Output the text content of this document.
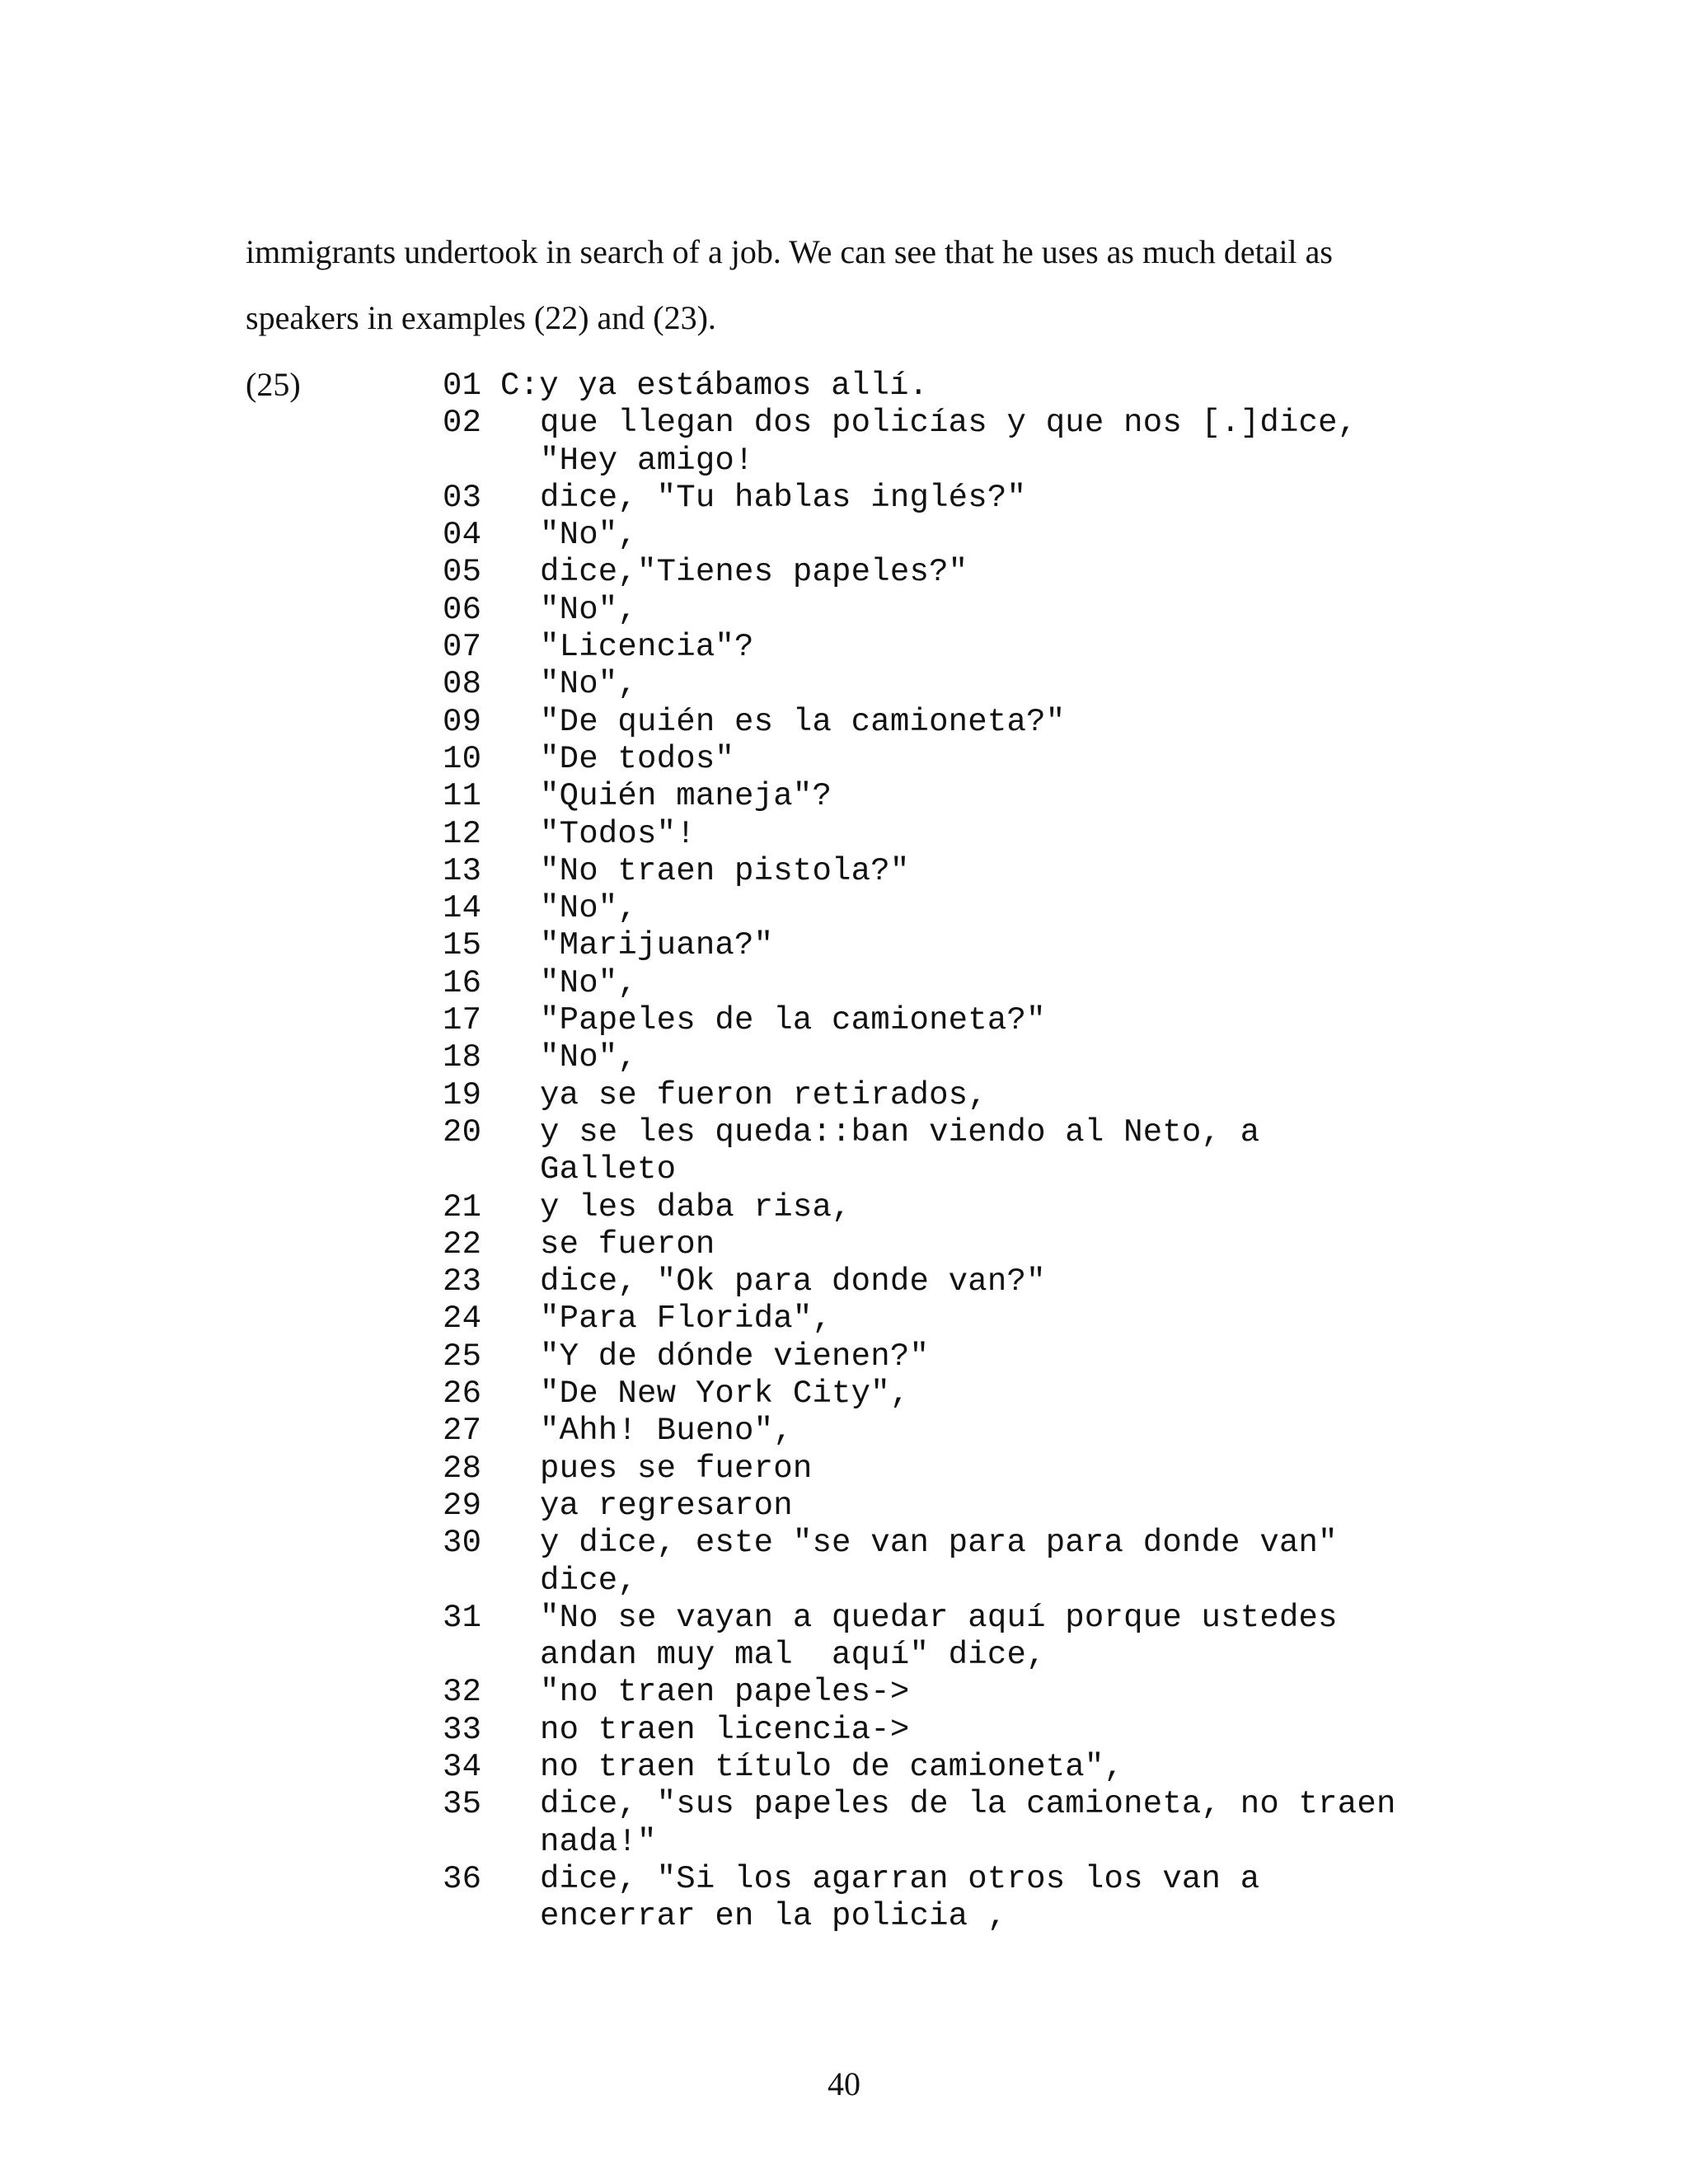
immigrants undertook in search of a job. We can see that he uses as much detail as

speakers in examples (22) and (23).

(25)	01 C:y ya estábamos allí.
02	que llegan dos policías y que nos [.]dice,
"Hey amigo!
03	dice, "Tu hablas inglés?"
04	"No",
05	dice,"Tienes papeles?"
06	"No",
07	"Licencia"?
08	"No",
09	"De quién es la camioneta?"
10	"De todos"
11	"Quién maneja"?
12	"Todos"!
13	"No traen pistola?"
14	"No",
15	"Marijuana?"
16	"No",
17	"Papeles de la camioneta?"
18	"No",
19	ya se fueron retirados,
20	y se les queda::ban viendo al Neto, a
Galleto
21	y les daba risa,
22	se fueron
23	dice, "Ok para donde van?"
24	"Para Florida",
25	"Y de dónde vienen?"
26	"De New York City",
27	"Ahh! Bueno",
28	pues se fueron
29	ya regresaron
30	y dice, este "se van para para donde van"
dice,
31	"No se vayan a quedar aquí porque ustedes
andan muy mal  aquí" dice,
32	"no traen papeles->
33	no traen licencia->
34	no traen título de camioneta",
35	dice, "sus papeles de la camioneta, no traen
nada!"
36	dice, "Si los agarran otros los van a
encerrar en la policia ,
40
